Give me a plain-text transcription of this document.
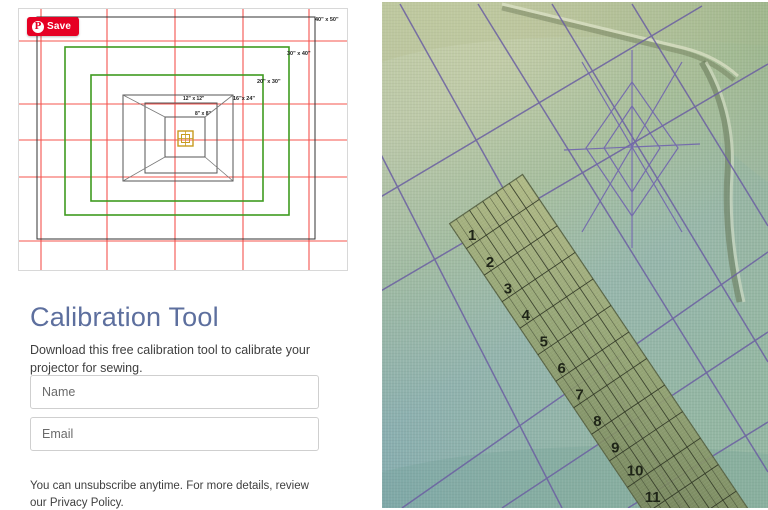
P Save
40" x 50"
30" x 40"
20" x 30"
16"x 24"
12" x 12"
8" x 8"
Calibration Tool

Download this free calibration tool to calibrate your projector for sewing.

Name
Email

You can unsubscribe anytime. For more details, review our Privacy Policy.

1
2
3
4
5
6
7
8
9
10
11
